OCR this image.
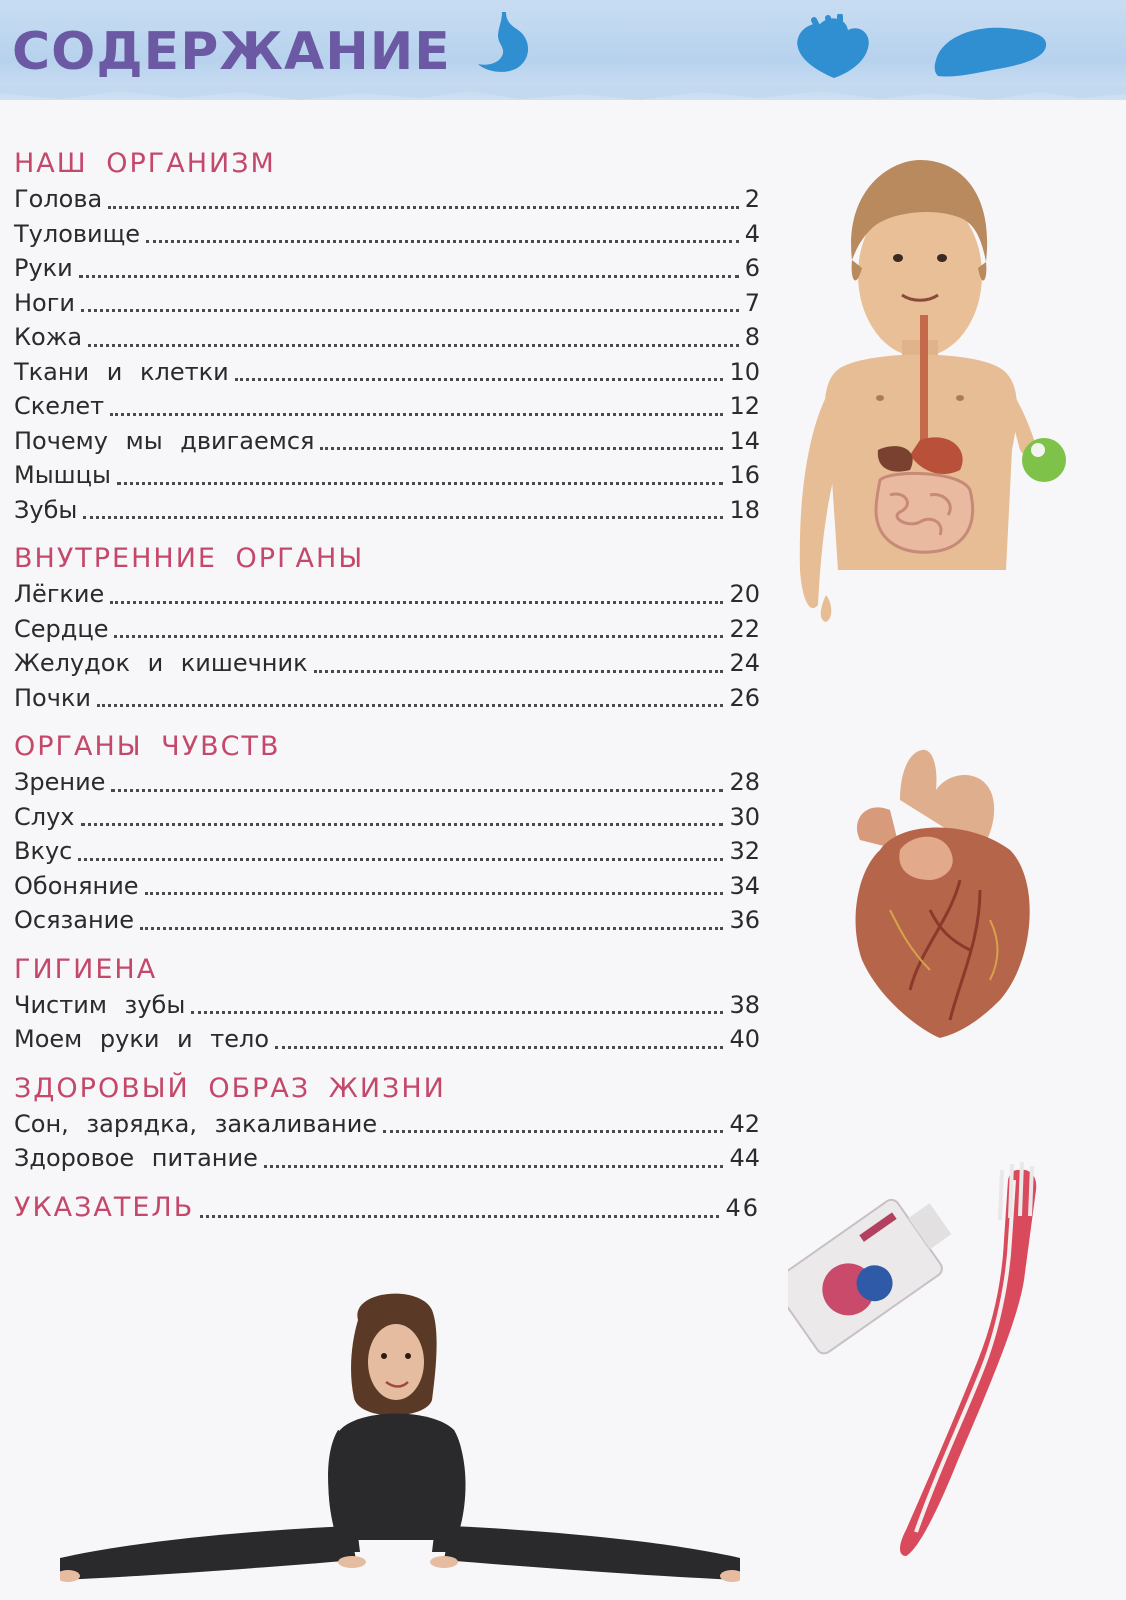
СОДЕРЖАНИЕ
НАШ ОРГАНИЗМ
Голова	2
Туловище	4
Руки	6
Ноги	7
Кожа	8
Ткани и клетки	10
Скелет	12
Почему мы двигаемся	14
Мышцы	16
Зубы	18
ВНУТРЕННИЕ ОРГАНЫ
Лёгкие	20
Сердце	22
Желудок и кишечник	24
Почки	26
ОРГАНЫ ЧУВСТВ
Зрение	28
Слух	30
Вкус	32
Обоняние	34
Осязание	36
ГИГИЕНА
Чистим зубы	38
Моем руки и тело	40
ЗДОРОВЫЙ ОБРАЗ ЖИЗНИ
Сон, зарядка, закаливание	42
Здоровое питание	44
УКАЗАТЕЛЬ	46
